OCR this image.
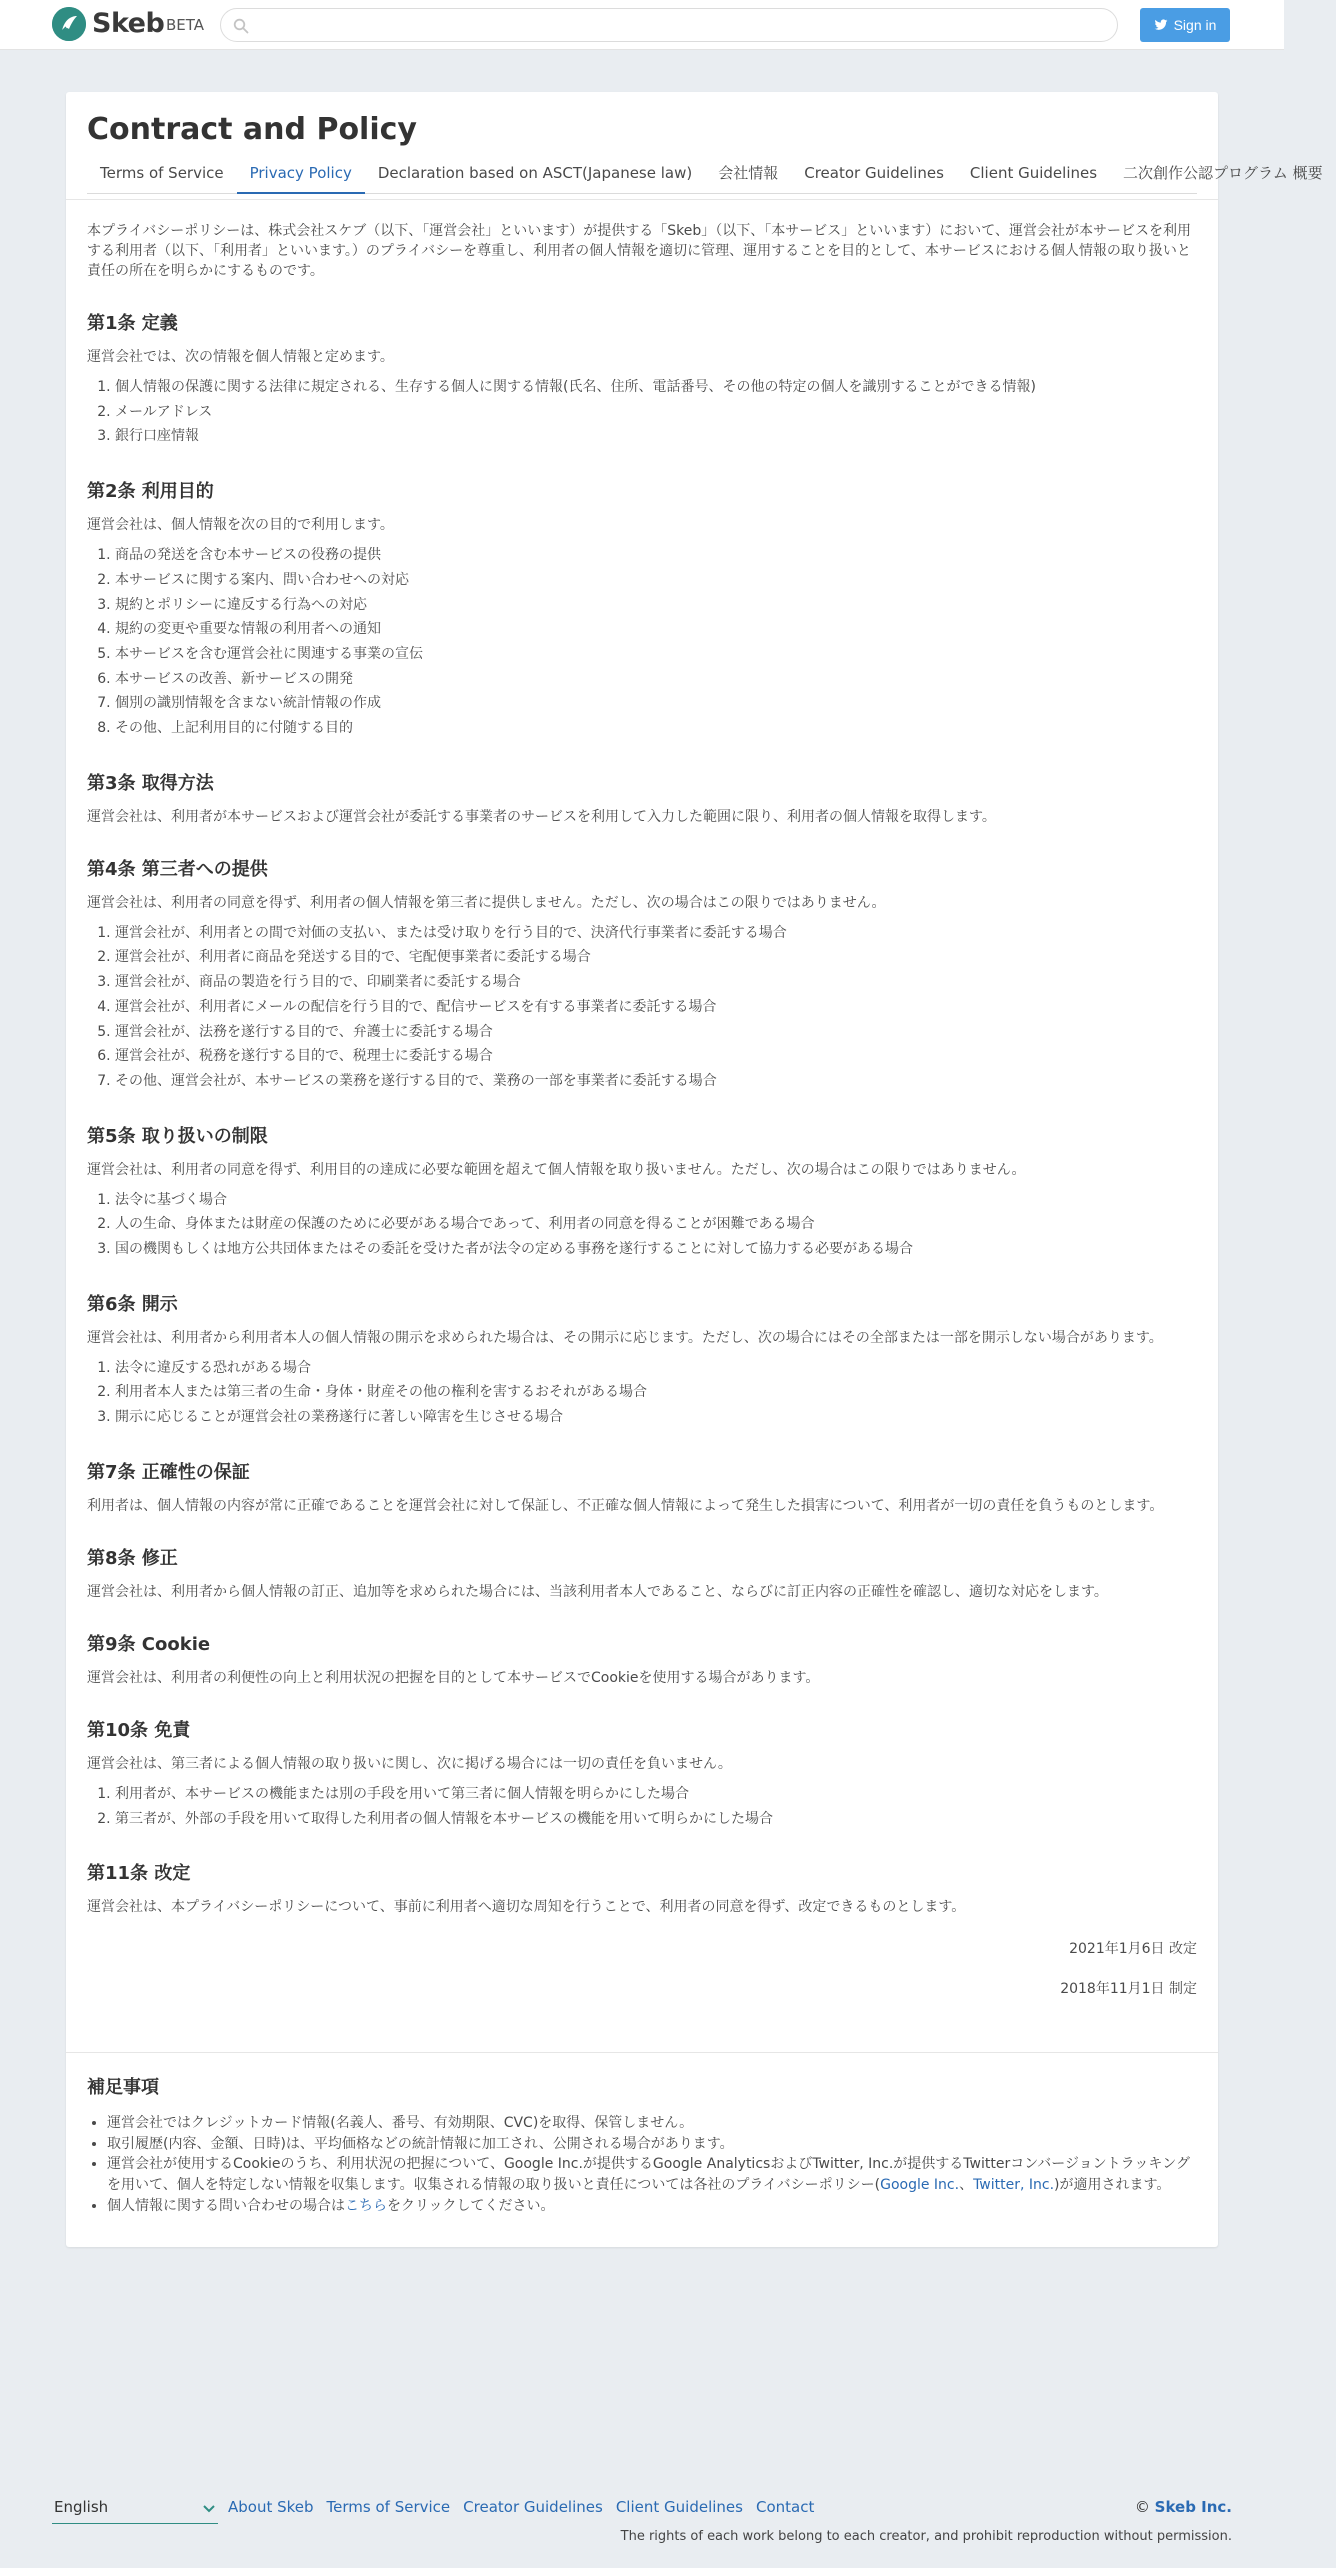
Skeb BETA	Sign in
Contract and Policy
Terms of Service Privacy Policy Declaration based on ASCT(Japanese law) 会社情報 Creator Guidelines Client Guidelines 二次創作公認プログラム 概要

本プライバシーポリシーは、株式会社スケブ（以下、「運営会社」といいます）が提供する「Skeb」（以下、「本サービス」といいます）において、運営会社が本サービスを利用する利用者（以下、「利用者」といいます。）のプライバシーを尊重し、利用者の個人情報を適切に管理、運用することを目的として、本サービスにおける個人情報の取り扱いと責任の所在を明らかにするものです。

第1条 定義

運営会社では、次の情報を個人情報と定めます。

1. 個人情報の保護に関する法律に規定される、生存する個人に関する情報(氏名、住所、電話番号、その他の特定の個人を識別することができる情報)
2. メールアドレス
3. 銀行口座情報
第2条 利用目的

運営会社は、個人情報を次の目的で利用します。

1. 商品の発送を含む本サービスの役務の提供
2. 本サービスに関する案内、問い合わせへの対応
3. 規約とポリシーに違反する行為への対応
4. 規約の変更や重要な情報の利用者への通知
5. 本サービスを含む運営会社に関連する事業の宣伝
6. 本サービスの改善、新サービスの開発
7. 個別の識別情報を含まない統計情報の作成
8. その他、上記利用目的に付随する目的
第3条 取得方法

運営会社は、利用者が本サービスおよび運営会社が委託する事業者のサービスを利用して入力した範囲に限り、利用者の個人情報を取得します。

第4条 第三者への提供

運営会社は、利用者の同意を得ず、利用者の個人情報を第三者に提供しません。ただし、次の場合はこの限りではありません。

1. 運営会社が、利用者との間で対価の支払い、または受け取りを行う目的で、決済代行事業者に委託する場合
2. 運営会社が、利用者に商品を発送する目的で、宅配便事業者に委託する場合
3. 運営会社が、商品の製造を行う目的で、印刷業者に委託する場合
4. 運営会社が、利用者にメールの配信を行う目的で、配信サービスを有する事業者に委託する場合
5. 運営会社が、法務を遂行する目的で、弁護士に委託する場合
6. 運営会社が、税務を遂行する目的で、税理士に委託する場合
7. その他、運営会社が、本サービスの業務を遂行する目的で、業務の一部を事業者に委託する場合
第5条 取り扱いの制限

運営会社は、利用者の同意を得ず、利用目的の達成に必要な範囲を超えて個人情報を取り扱いません。ただし、次の場合はこの限りではありません。

1. 法令に基づく場合
2. 人の生命、身体または財産の保護のために必要がある場合であって、利用者の同意を得ることが困難である場合
3. 国の機関もしくは地方公共団体またはその委託を受けた者が法令の定める事務を遂行することに対して協力する必要がある場合
第6条 開示

運営会社は、利用者から利用者本人の個人情報の開示を求められた場合は、その開示に応じます。ただし、次の場合にはその全部または一部を開示しない場合があります。

1. 法令に違反する恐れがある場合
2. 利用者本人または第三者の生命・身体・財産その他の権利を害するおそれがある場合
3. 開示に応じることが運営会社の業務遂行に著しい障害を生じさせる場合
第7条 正確性の保証

利用者は、個人情報の内容が常に正確であることを運営会社に対して保証し、不正確な個人情報によって発生した損害について、利用者が一切の責任を負うものとします。

第8条 修正

運営会社は、利用者から個人情報の訂正、追加等を求められた場合には、当該利用者本人であること、ならびに訂正内容の正確性を確認し、適切な対応をします。

第9条 Cookie

運営会社は、利用者の利便性の向上と利用状況の把握を目的として本サービスでCookieを使用する場合があります。

第10条 免責

運営会社は、第三者による個人情報の取り扱いに関し、次に掲げる場合には一切の責任を負いません。

1. 利用者が、本サービスの機能または別の手段を用いて第三者に個人情報を明らかにした場合
2. 第三者が、外部の手段を用いて取得した利用者の個人情報を本サービスの機能を用いて明らかにした場合
第11条 改定

運営会社は、本プライバシーポリシーについて、事前に利用者へ適切な周知を行うことで、利用者の同意を得ず、改定できるものとします。

2021年1月6日 改定
2018年11月1日 制定
補足事項
• 運営会社ではクレジットカード情報(名義人、番号、有効期限、CVC)を取得、保管しません。
• 取引履歴(内容、金額、日時)は、平均価格などの統計情報に加工され、公開される場合があります。
• 運営会社が使用するCookieのうち、利用状況の把握について、Google Inc.が提供するGoogle AnalyticsおよびTwitter, Inc.が提供するTwitterコンバージョントラッキングを用いて、個人を特定しない情報を収集します。収集される情報の取り扱いと責任については各社のプライバシーポリシー(Google Inc.、Twitter, Inc.)が適用されます。
• 個人情報に関する問い合わせの場合はこちらをクリックしてください。
English	About Skeb Terms of Service Creator Guidelines Client Guidelines Contact	© Skeb Inc.
The rights of each work belong to each creator, and prohibit reproduction without permission.
